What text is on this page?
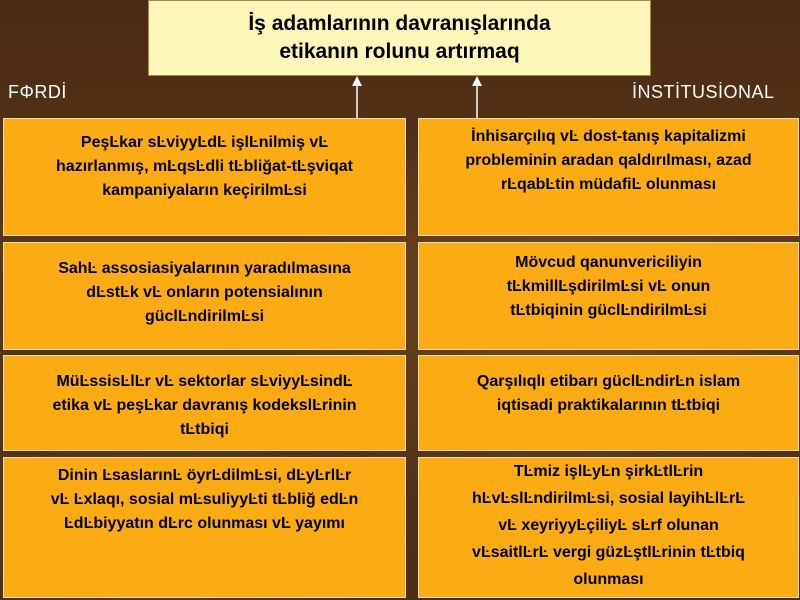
İş adamlarının davranışlarında
etikanın rolunu artırmaq
FΦRDİ	İNSTİTUSİONAL
PeşĿkar sĿviyyĿdĿ işlĿnilmiş vĿ
hazırlanmış, mĿqsĿdli tĿbliğat-tĿşviqat
kampaniyaların keçirilmĿsi
SahĿ assosiasiyalarının yaradılmasına
dĿstĿk vĿ onların potensialının
güclĿndirilmĿsi
MüĿssisĿlĿr vĿ sektorlar sĿviyyĿsindĿ
etika vĿ peşĿkar davranış kodekslĿrinin
tĿtbiqi
Dinin ĿsaslarınĿ öyrĿdilmĿsi, dĿyĿrlĿr
vĿ Ŀxlaqı, sosial mĿsuliyyĿti tĿbliğ edĿn
ĿdĿbiyyatın dĿrc olunması vĿ yayımı
İnhisarçılıq vĿ dost-tanış kapitalizmi
probleminin aradan qaldırılması, azad
rĿqabĿtin müdafiĿ olunması
Mövcud qanunvericiliyin
tĿkmillĿşdirilmĿsi vĿ onun
tĿtbiqinin güclĿndirilmĿsi
Qarşılıqlı etibarı güclĿndirĿn islam
iqtisadi praktikalarının tĿtbiqi
TĿmiz işlĿyĿn şirkĿtlĿrin
hĿvĿslĿndirilmĿsi, sosial layihĿlĿrĿ
vĿ xeyriyyĿçiliyĿ sĿrf olunan
vĿsaitlĿrĿ vergi güzĿştlĿrinin tĿtbiq
olunması
